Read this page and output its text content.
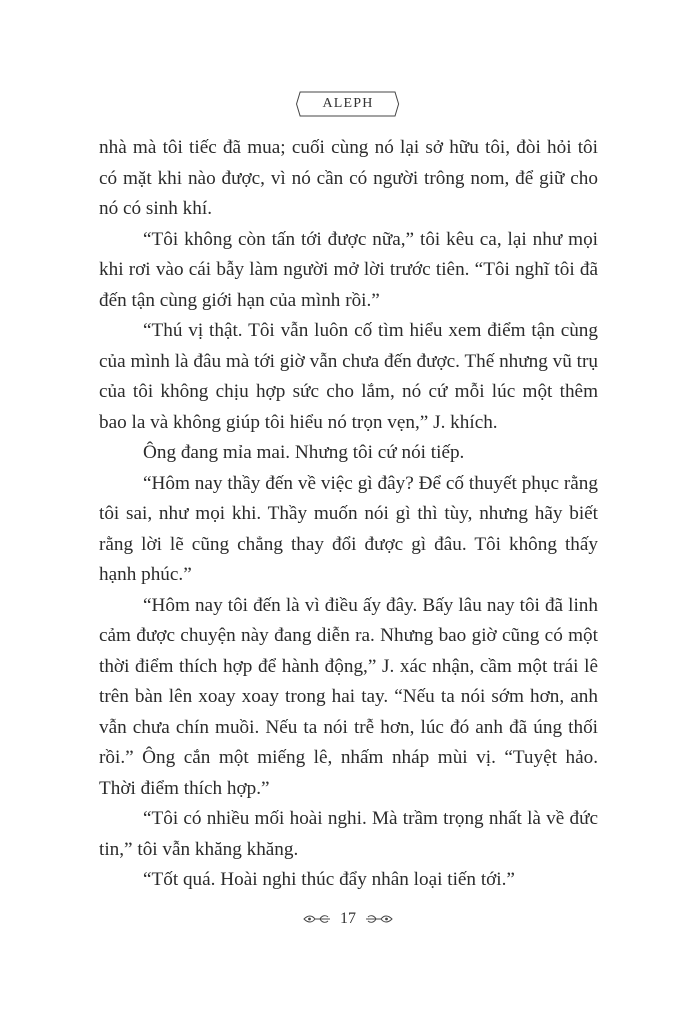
ALEPH

nhà mà tôi tiếc đã mua; cuối cùng nó lại sở hữu tôi, đòi hỏi tôi có mặt khi nào được, vì nó cần có người trông nom, để giữ cho nó có sinh khí.

“Tôi không còn tấn tới được nữa,” tôi kêu ca, lại như mọi khi rơi vào cái bẫy làm người mở lời trước tiên. “Tôi nghĩ tôi đã đến tận cùng giới hạn của mình rồi.”

“Thú vị thật. Tôi vẫn luôn cố tìm hiểu xem điểm tận cùng của mình là đâu mà tới giờ vẫn chưa đến được. Thế nhưng vũ trụ của tôi không chịu hợp sức cho lắm, nó cứ mỗi lúc một thêm bao la và không giúp tôi hiểu nó trọn vẹn,” J. khích.

Ông đang mỉa mai. Nhưng tôi cứ nói tiếp.

“Hôm nay thầy đến về việc gì đây? Để cố thuyết phục rằng tôi sai, như mọi khi. Thầy muốn nói gì thì tùy, nhưng hãy biết rằng lời lẽ cũng chẳng thay đổi được gì đâu. Tôi không thấy hạnh phúc.”

“Hôm nay tôi đến là vì điều ấy đây. Bấy lâu nay tôi đã linh cảm được chuyện này đang diễn ra. Nhưng bao giờ cũng có một thời điểm thích hợp để hành động,” J. xác nhận, cầm một trái lê trên bàn lên xoay xoay trong hai tay. “Nếu ta nói sớm hơn, anh vẫn chưa chín muồi. Nếu ta nói trễ hơn, lúc đó anh đã úng thối rồi.” Ông cắn một miếng lê, nhấm nháp mùi vị. “Tuyệt hảo. Thời điểm thích hợp.”

“Tôi có nhiều mối hoài nghi. Mà trầm trọng nhất là về đức tin,” tôi vẫn khăng khăng.

“Tốt quá. Hoài nghi thúc đẩy nhân loại tiến tới.”

17
